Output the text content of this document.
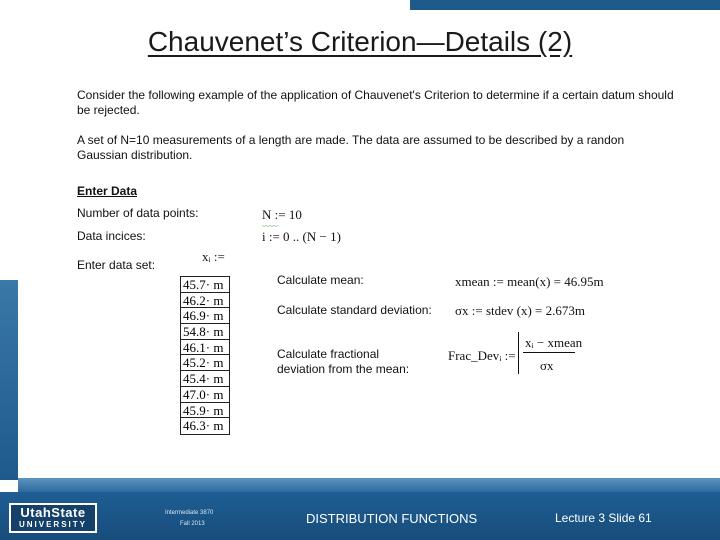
Chauvenet’s Criterion—Details (2)
Consider the following example of the application of Chauvenet's Criterion to determine if a certain datum should be rejected.
A set of N=10 measurements of a length are made. The data are assumed to be described by a randon Gaussian distribution.
Enter Data
Number of data points:	N := 10
〰〰
Data incices:	i := 0 .. (N − 1)
Enter data set:
xᵢ :=
45.7· m
46.2· m
46.9· m
54.8· m
46.1· m
45.2· m
45.4· m
47.0· m
45.9· m
46.3· m
Calculate mean:	xmean := mean(x) = 46.95m
Calculate standard deviation: σx := stdev (x) = 2.673m
Calculate fractional deviation from the mean:
Frac_Devᵢ :=
xᵢ − xmean
σx
UtahState
UNIVERSITY
Intermediate 3870
Fall 2013	DISTRIBUTION FUNCTIONS	Lecture 3 Slide 61
